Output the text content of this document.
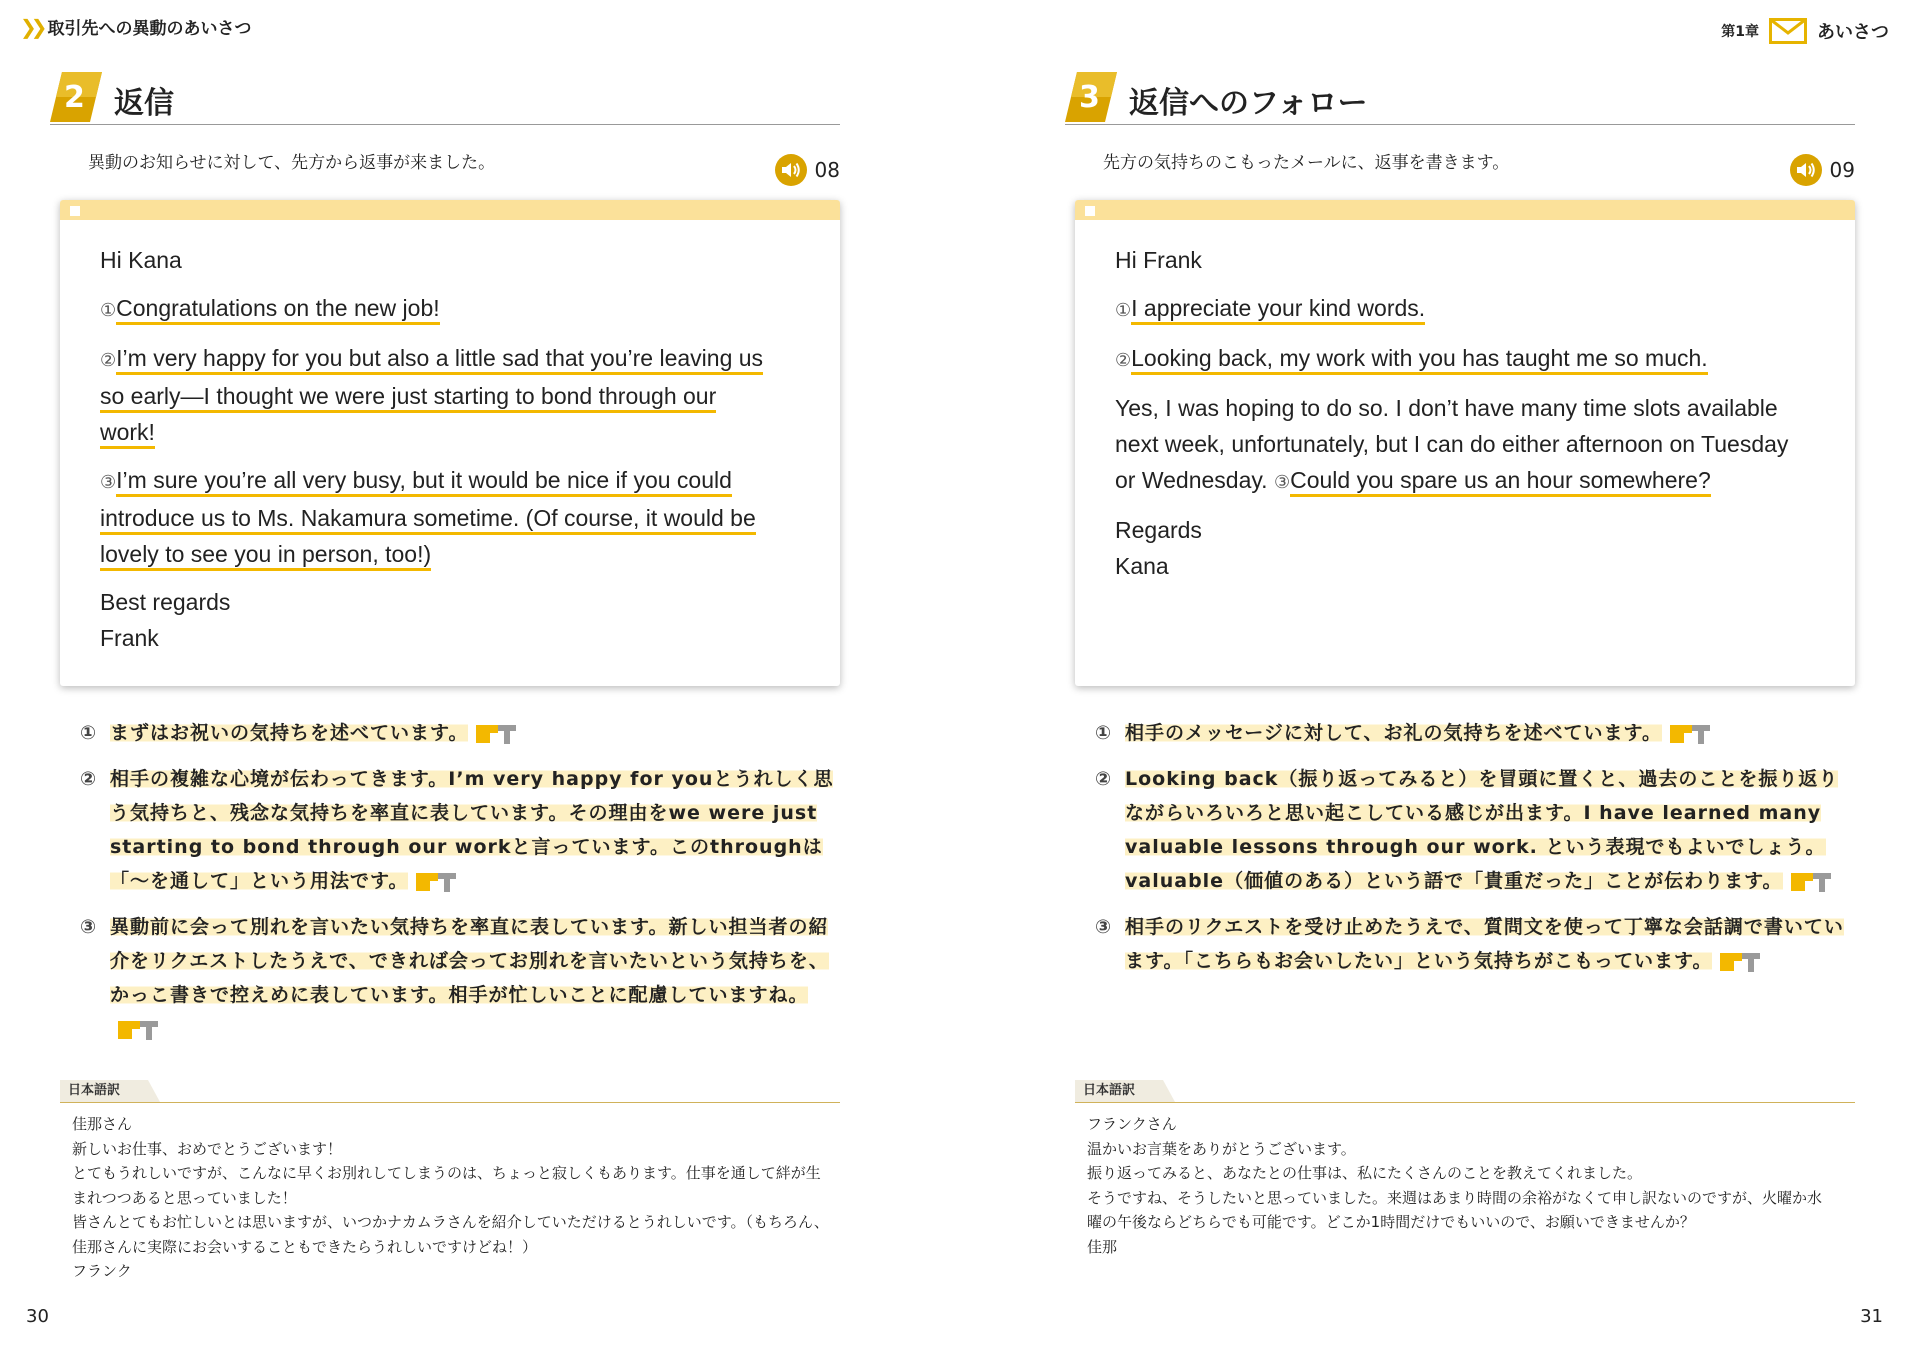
❯❯ 取引先への異動のあいさつ	第1章	あいさつ
2 返信
異動のお知らせに対して、先方から返事が来ました。	08

Hi Kana

①Congratulations on the new job!

②I’m very happy for you but also a little sad that you’re leaving us
so early—I thought we were just starting to bond through our
work!

③I’m sure you’re all very busy, but it would be nice if you could
introduce us to Ms. Nakamura sometime. (Of course, it would be
lovely to see you in person, too!)

Best regards

Frank

① まずはお祝いの気持ちを述べています。
② 相手の複雑な心境が伝わってきます。I’m very happy for youとうれしく思う気持ちと、残念な気持ちを率直に表しています。その理由をwe were just starting to bond through our workと言っています。このthroughは「～を通して」という用法です。
③ 異動前に会って別れを言いたい気持ちを率直に表しています。新しい担当者の紹介をリクエストしたうえで、できれば会ってお別れを言いたいという気持ちを、かっこ書きで控えめに表しています。相手が忙しいことに配慮していますね。
日本語訳
佳那さん
新しいお仕事、おめでとうございます！
とてもうれしいですが、こんなに早くお別れしてしまうのは、ちょっと寂しくもあります。仕事を通して絆が生
まれつつあると思っていました！
皆さんとてもお忙しいとは思いますが、いつかナカムラさんを紹介していただけるとうれしいです。（もちろん、
佳那さんに実際にお会いすることもできたらうれしいですけどね！）
フランク
30
3 返信へのフォロー
先方の気持ちのこもったメールに、返事を書きます。	09

Hi Frank

①I appreciate your kind words.

②Looking back, my work with you has taught me so much.

Yes, I was hoping to do so. I don’t have many time slots available
next week, unfortunately, but I can do either afternoon on Tuesday
or Wednesday. ③Could you spare us an hour somewhere?

Regards

Kana

① 相手のメッセージに対して、お礼の気持ちを述べています。
② Looking back（振り返ってみると）を冒頭に置くと、過去のことを振り返りながらいろいろと思い起こしている感じが出ます。I have learned many valuable lessons through our work. という表現でもよいでしょう。valuable（価値のある）という語で「貴重だった」ことが伝わります。
③ 相手のリクエストを受け止めたうえで、質問文を使って丁寧な会話調で書いています。「こちらもお会いしたい」という気持ちがこもっています。
日本語訳
フランクさん
温かいお言葉をありがとうございます。
振り返ってみると、あなたとの仕事は、私にたくさんのことを教えてくれました。
そうですね、そうしたいと思っていました。来週はあまり時間の余裕がなくて申し訳ないのですが、火曜か水
曜の午後ならどちらでも可能です。どこか1時間だけでもいいので、お願いできませんか？
佳那
31
